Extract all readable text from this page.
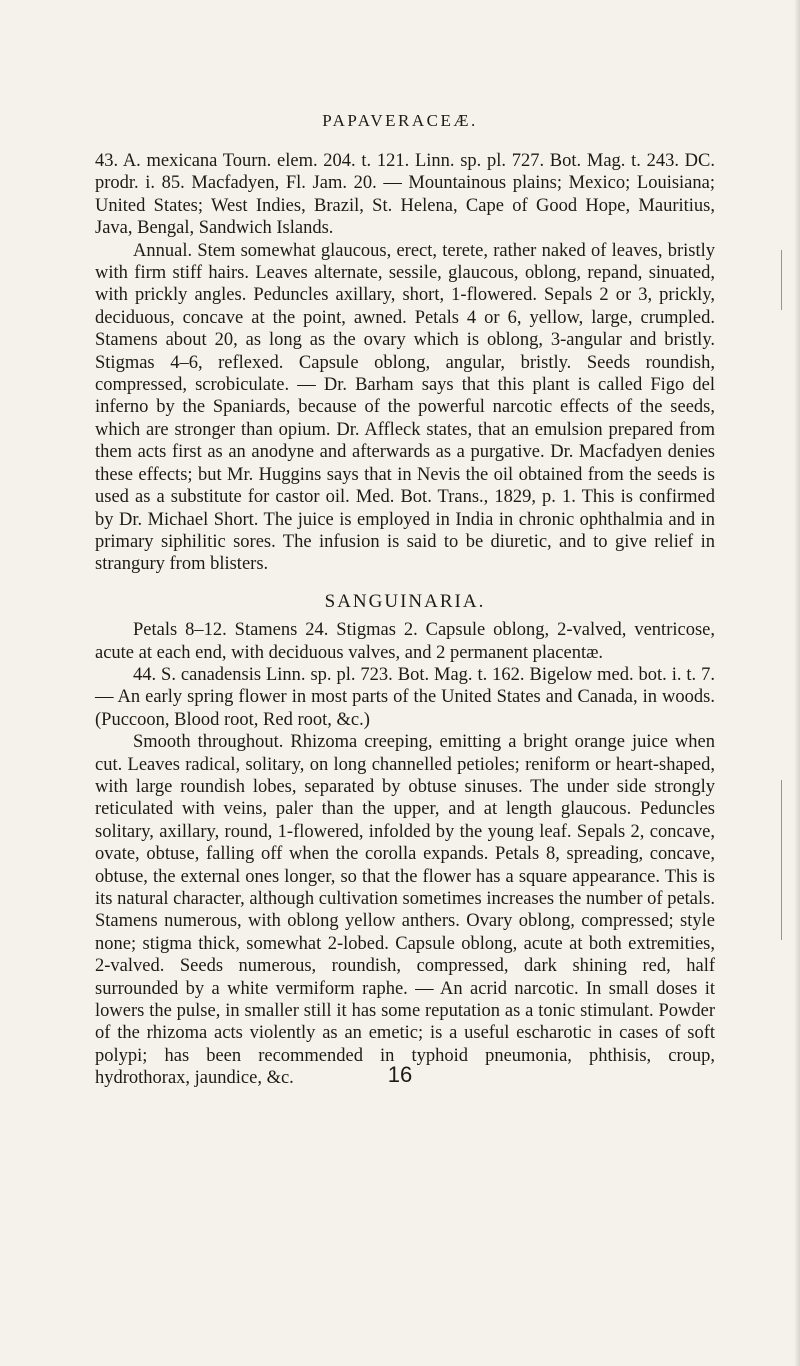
PAPAVERACEÆ.

43. A. mexicana Tourn. elem. 204. t. 121. Linn. sp. pl. 727. Bot. Mag. t. 243. DC. prodr. i. 85. Macfadyen, Fl. Jam. 20. — Mountainous plains; Mexico; Louisiana; United States; West Indies, Brazil, St. Helena, Cape of Good Hope, Mauritius, Java, Bengal, Sandwich Islands.

Annual. Stem somewhat glaucous, erect, terete, rather naked of leaves, bristly with firm stiff hairs. Leaves alternate, sessile, glaucous, oblong, repand, sinuated, with prickly angles. Peduncles axillary, short, 1-flowered. Sepals 2 or 3, prickly, deciduous, concave at the point, awned. Petals 4 or 6, yellow, large, crumpled. Stamens about 20, as long as the ovary which is oblong, 3-angular and bristly. Stigmas 4–6, reflexed. Capsule oblong, angular, bristly. Seeds roundish, compressed, scrobiculate. — Dr. Barham says that this plant is called Figo del inferno by the Spaniards, because of the powerful narcotic effects of the seeds, which are stronger than opium. Dr. Affleck states, that an emulsion prepared from them acts first as an anodyne and afterwards as a purgative. Dr. Macfadyen denies these effects; but Mr. Huggins says that in Nevis the oil obtained from the seeds is used as a substitute for castor oil. Med. Bot. Trans., 1829, p. 1. This is confirmed by Dr. Michael Short. The juice is employed in India in chronic ophthalmia and in primary siphilitic sores. The infusion is said to be diuretic, and to give relief in strangury from blisters.

SANGUINARIA.

Petals 8–12. Stamens 24. Stigmas 2. Capsule oblong, 2-valved, ventricose, acute at each end, with deciduous valves, and 2 permanent placentæ.

44. S. canadensis Linn. sp. pl. 723. Bot. Mag. t. 162. Bigelow med. bot. i. t. 7.— An early spring flower in most parts of the United States and Canada, in woods. (Puccoon, Blood root, Red root, &c.)

Smooth throughout. Rhizoma creeping, emitting a bright orange juice when cut. Leaves radical, solitary, on long channelled petioles; reniform or heart-shaped, with large roundish lobes, separated by obtuse sinuses. The under side strongly reticulated with veins, paler than the upper, and at length glaucous. Peduncles solitary, axillary, round, 1-flowered, infolded by the young leaf. Sepals 2, concave, ovate, obtuse, falling off when the corolla expands. Petals 8, spreading, concave, obtuse, the external ones longer, so that the flower has a square appearance. This is its natural character, although cultivation sometimes increases the number of petals. Stamens numerous, with oblong yellow anthers. Ovary oblong, compressed; style none; stigma thick, somewhat 2-lobed. Capsule oblong, acute at both extremities, 2-valved. Seeds numerous, roundish, compressed, dark shining red, half surrounded by a white vermiform raphe. — An acrid narcotic. In small doses it lowers the pulse, in smaller still it has some reputation as a tonic stimulant. Powder of the rhizoma acts violently as an emetic; is a useful escharotic in cases of soft polypi; has been recommended in typhoid pneumonia, phthisis, croup, hydrothorax, jaundice, &c.	16
